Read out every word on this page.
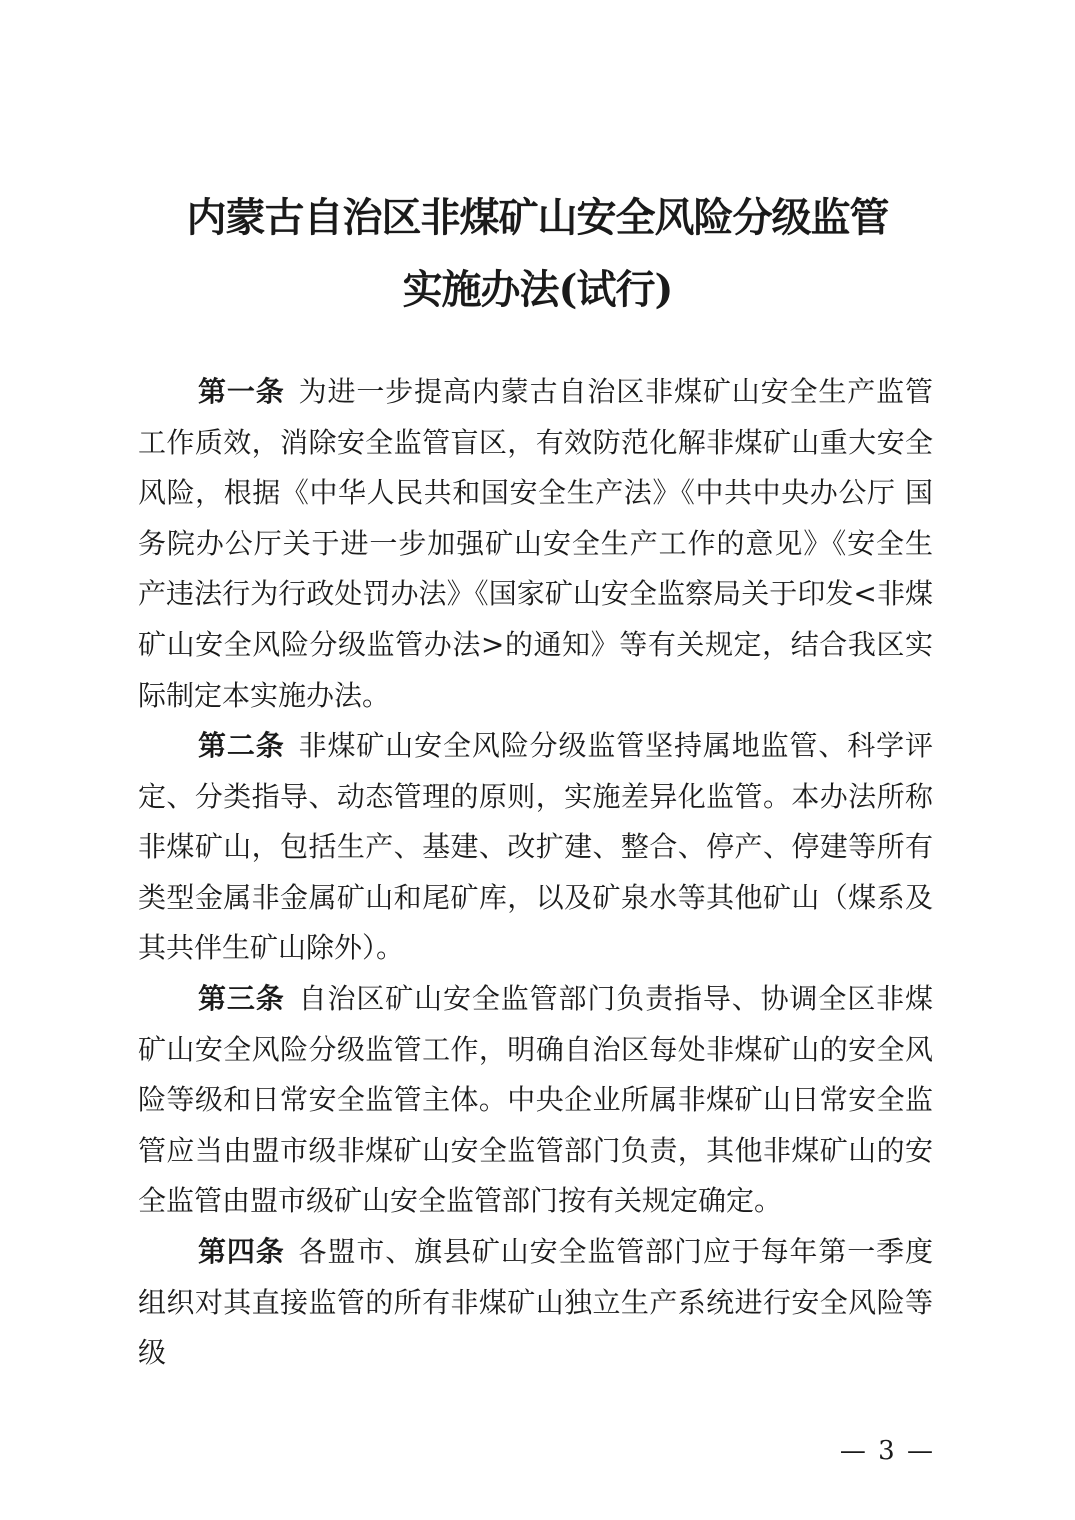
内蒙古自治区非煤矿山安全风险分级监管
实施办法(试行)

第一条 为进一步提高内蒙古自治区非煤矿山安全生产监管工作质效，消除安全监管盲区，有效防范化解非煤矿山重大安全风险，根据《中华人民共和国安全生产法》《中共中央办公厅 国务院办公厅关于进一步加强矿山安全生产工作的意见》《安全生产违法行为行政处罚办法》《国家矿山安全监察局关于印发<非煤矿山安全风险分级监管办法>的通知》等有关规定，结合我区实际制定本实施办法。

第二条 非煤矿山安全风险分级监管坚持属地监管、科学评定、分类指导、动态管理的原则，实施差异化监管。本办法所称非煤矿山，包括生产、基建、改扩建、整合、停产、停建等所有类型金属非金属矿山和尾矿库，以及矿泉水等其他矿山（煤系及其共伴生矿山除外）。

第三条 自治区矿山安全监管部门负责指导、协调全区非煤矿山安全风险分级监管工作，明确自治区每处非煤矿山的安全风险等级和日常安全监管主体。中央企业所属非煤矿山日常安全监管应当由盟市级非煤矿山安全监管部门负责，其他非煤矿山的安全监管由盟市级矿山安全监管部门按有关规定确定。

第四条 各盟市、旗县矿山安全监管部门应于每年第一季度组织对其直接监管的所有非煤矿山独立生产系统进行安全风险等级

— 3 —
